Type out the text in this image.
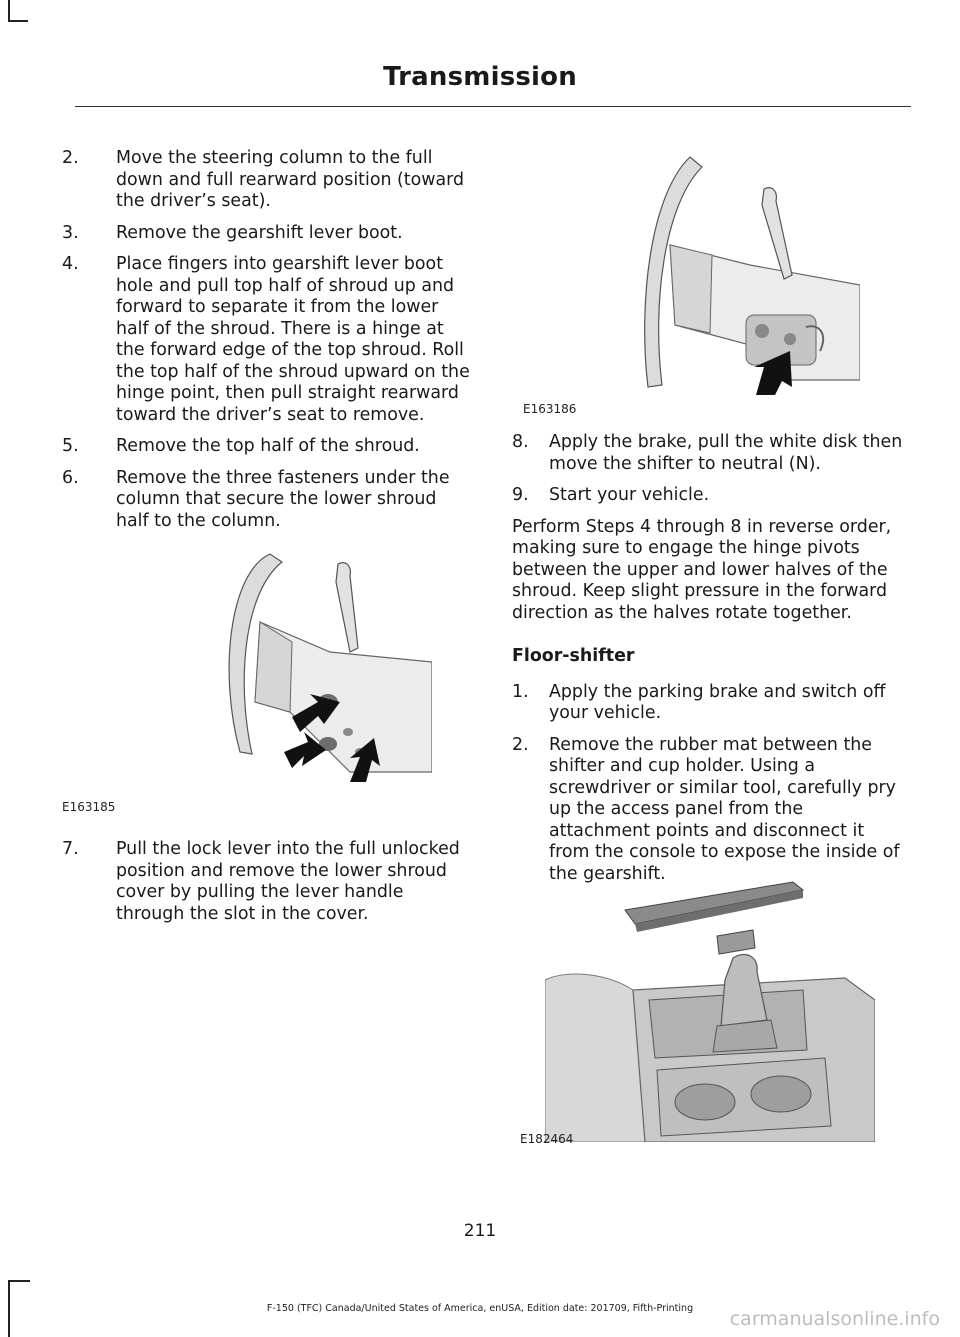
Transmission
2.	Move the steering column to the full down and full rearward position (toward the driver’s seat).
3.	Remove the gearshift lever boot.
4.	Place fingers into gearshift lever boot hole and pull top half of shroud up and forward to separate it from the lower half of the shroud. There is a hinge at the forward edge of the top shroud. Roll the top half of the shroud upward on the hinge point, then pull straight rearward toward the driver’s seat to remove.
5.	Remove the top half of the shroud.
6.	Remove the three fasteners under the column that secure the lower shroud half to the column.
E163185
7.	Pull the lock lever into the full unlocked position and remove the lower shroud cover by pulling the lever handle through the slot in the cover.
E163186
8.	Apply the brake, pull the white disk then move the shifter to neutral (N).
9.	Start your vehicle.

Perform Steps 4 through 8 in reverse order, making sure to engage the hinge pivots between the upper and lower halves of the shroud. Keep slight pressure in the forward direction as the halves rotate together.

Floor-shifter
1.	Apply the parking brake and switch off your vehicle.
2.	Remove the rubber mat between the shifter and cup holder. Using a screwdriver or similar tool, carefully pry up the access panel from the attachment points and disconnect it from the console to expose the inside of the gearshift.
E182464
211
F-150 (TFC) Canada/United States of America, enUSA, Edition date: 201709, Fifth-Printing	carmanualsonline.info
